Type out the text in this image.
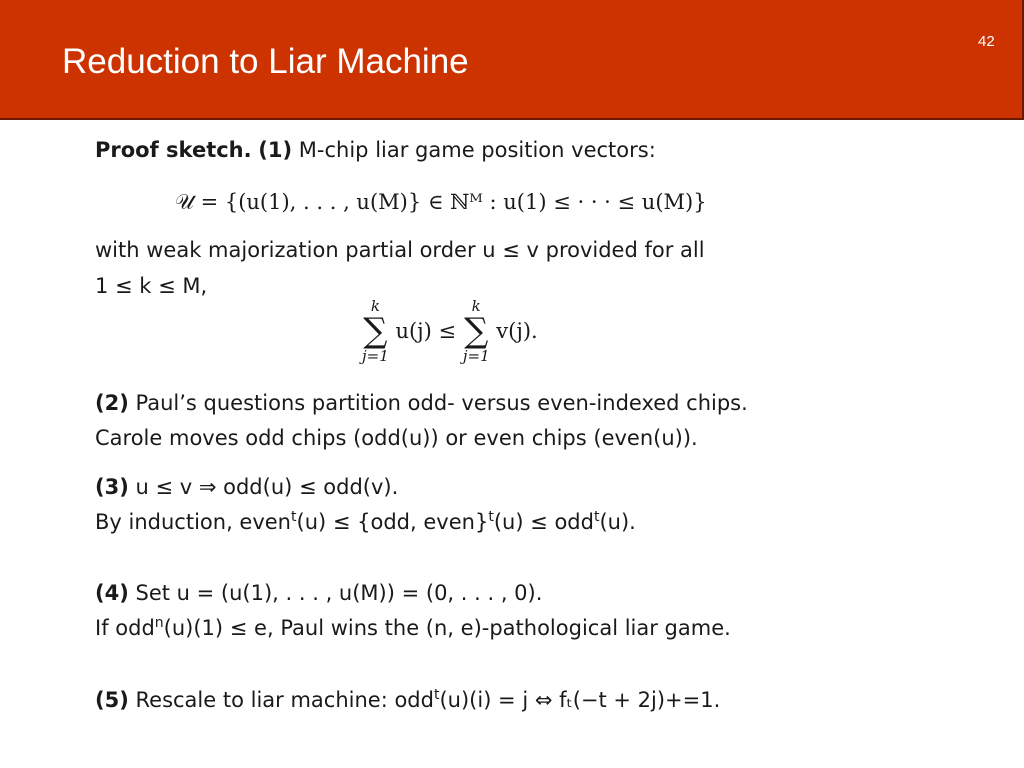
Reduction to Liar Machine
42
Proof sketch. (1) M-chip liar game position vectors:
𝒰 = {(u(1), . . . , u(M)} ∈ ℕᴹ : u(1) ≤ · · · ≤ u(M)}
with weak majorization partial order u ≤ v provided for all
1 ≤ k ≤ M,
k
∑
j=1
u(j) ≤
k
∑
j=1
v(j).
(2) Paul’s questions partition odd- versus even-indexed chips.
Carole moves odd chips (odd(u)) or even chips (even(u)).
(3) u ≤ v ⇒ odd(u) ≤ odd(v).
By induction, even$^t$(u) ≤ {odd, even}$^t$(u) ≤ odd$^t$(u).
(4) Set u = (u(1), . . . , u(M)) = (0, . . . , 0).
If odd$^n$(u)(1) ≤ e, Paul wins the (n, e)-pathological liar game.
(5) Rescale to liar machine: odd$^t$(u)(i) = j ⇔ fₜ(−t + 2j)+=1.
